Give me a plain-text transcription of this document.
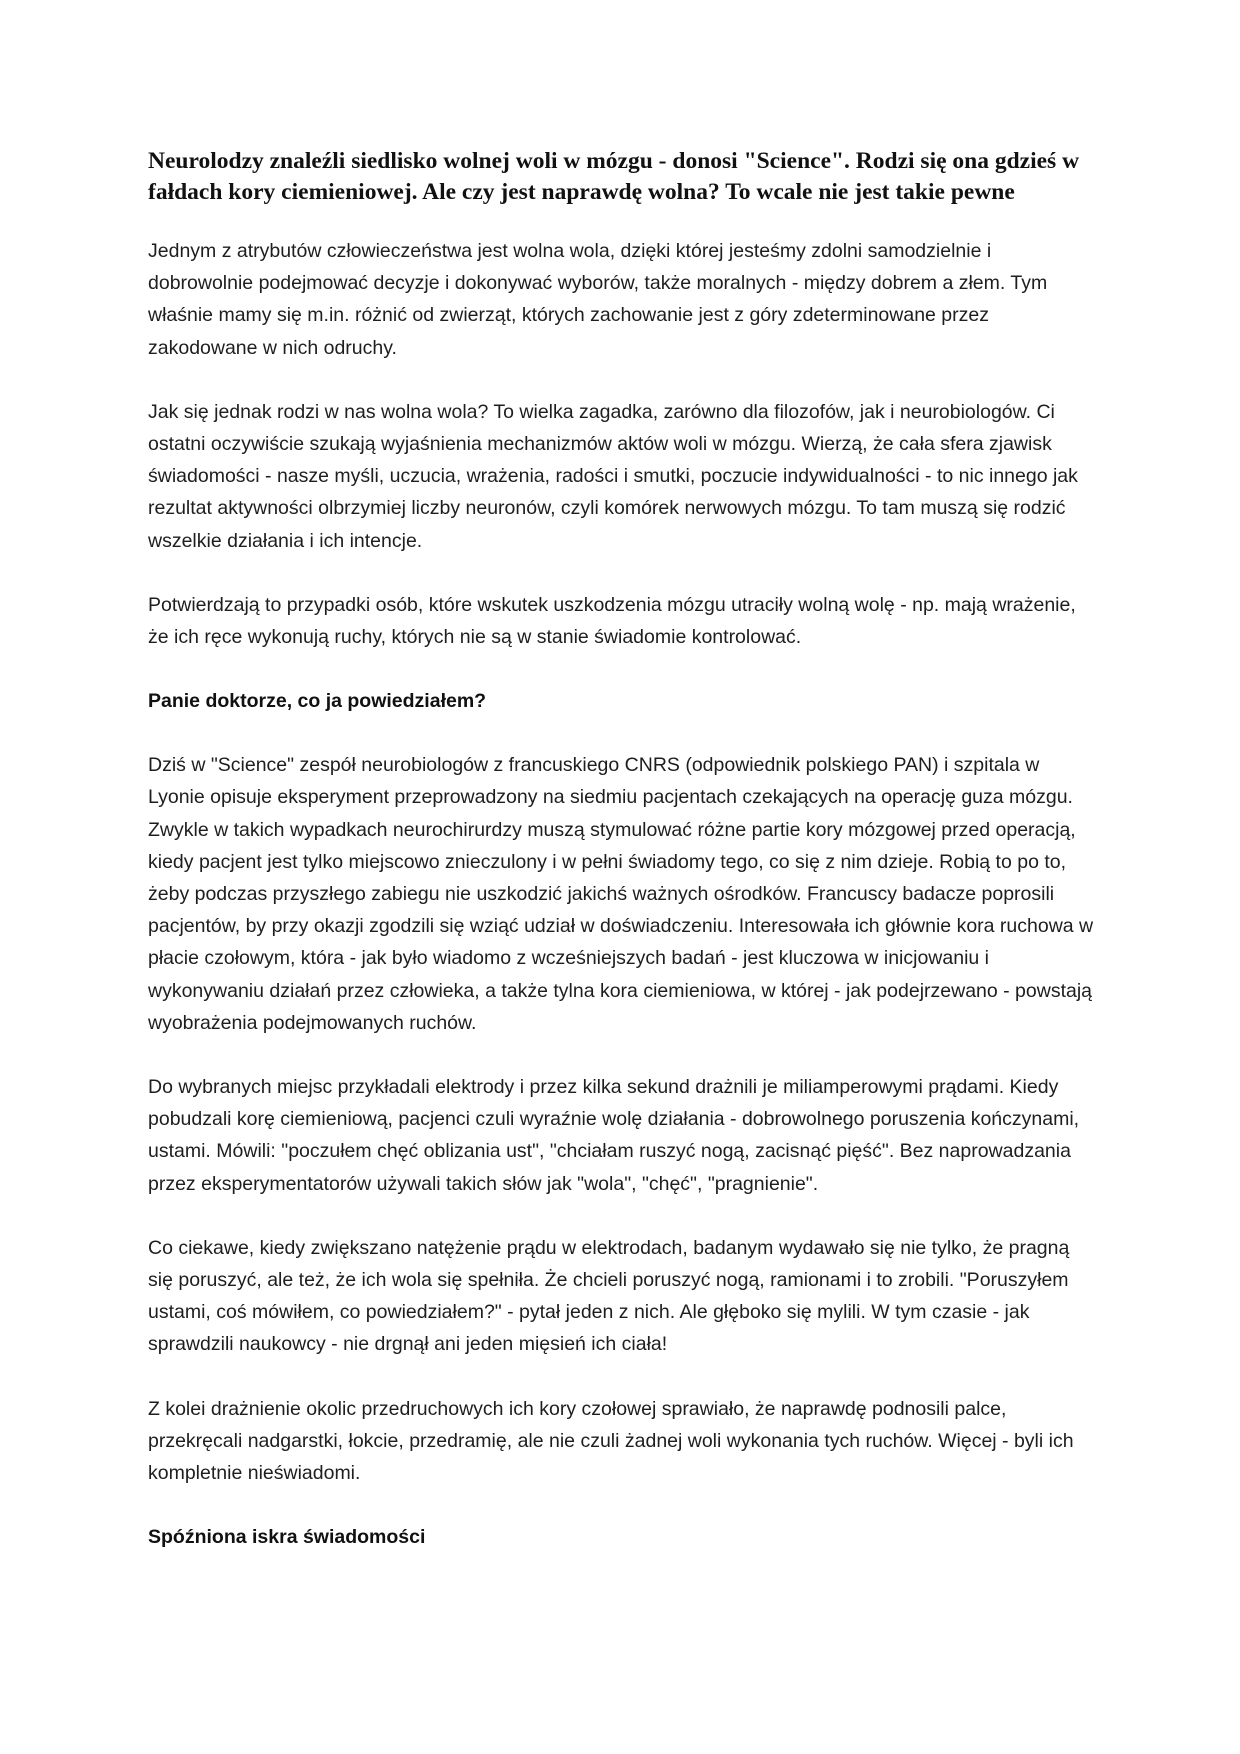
Neurolodzy znaleźli siedlisko wolnej woli w mózgu - donosi "Science". Rodzi się ona gdzieś w fałdach kory ciemieniowej. Ale czy jest naprawdę wolna? To wcale nie jest takie pewne

Jednym z atrybutów człowieczeństwa jest wolna wola, dzięki której jesteśmy zdolni samodzielnie i dobrowolnie podejmować decyzje i dokonywać wyborów, także moralnych - między dobrem a złem. Tym właśnie mamy się m.in. różnić od zwierząt, których zachowanie jest z góry zdeterminowane przez zakodowane w nich odruchy.

Jak się jednak rodzi w nas wolna wola? To wielka zagadka, zarówno dla filozofów, jak i neurobiologów. Ci ostatni oczywiście szukają wyjaśnienia mechanizmów aktów woli w mózgu. Wierzą, że cała sfera zjawisk świadomości - nasze myśli, uczucia, wrażenia, radości i smutki, poczucie indywidualności - to nic innego jak rezultat aktywności olbrzymiej liczby neuronów, czyli komórek nerwowych mózgu. To tam muszą się rodzić wszelkie działania i ich intencje.

Potwierdzają to przypadki osób, które wskutek uszkodzenia mózgu utraciły wolną wolę - np. mają wrażenie, że ich ręce wykonują ruchy, których nie są w stanie świadomie kontrolować.

Panie doktorze, co ja powiedziałem?

Dziś w "Science" zespół neurobiologów z francuskiego CNRS (odpowiednik polskiego PAN) i szpitala w Lyonie opisuje eksperyment przeprowadzony na siedmiu pacjentach czekających na operację guza mózgu. Zwykle w takich wypadkach neurochirurdzy muszą stymulować różne partie kory mózgowej przed operacją, kiedy pacjent jest tylko miejscowo znieczulony i w pełni świadomy tego, co się z nim dzieje. Robią to po to, żeby podczas przyszłego zabiegu nie uszkodzić jakichś ważnych ośrodków. Francuscy badacze poprosili pacjentów, by przy okazji zgodzili się wziąć udział w doświadczeniu. Interesowała ich głównie kora ruchowa w płacie czołowym, która - jak było wiadomo z wcześniejszych badań - jest kluczowa w inicjowaniu i wykonywaniu działań przez człowieka, a także tylna kora ciemieniowa, w której - jak podejrzewano - powstają wyobrażenia podejmowanych ruchów.

Do wybranych miejsc przykładali elektrody i przez kilka sekund drażnili je miliamperowymi prądami. Kiedy pobudzali korę ciemieniową, pacjenci czuli wyraźnie wolę działania - dobrowolnego poruszenia kończynami, ustami. Mówili: "poczułem chęć oblizania ust", "chciałam ruszyć nogą, zacisnąć pięść". Bez naprowadzania przez eksperymentatorów używali takich słów jak "wola", "chęć", "pragnienie".

Co ciekawe, kiedy zwiększano natężenie prądu w elektrodach, badanym wydawało się nie tylko, że pragną się poruszyć, ale też, że ich wola się spełniła. Że chcieli poruszyć nogą, ramionami i to zrobili. "Poruszyłem ustami, coś mówiłem, co powiedziałem?" - pytał jeden z nich. Ale głęboko się mylili. W tym czasie - jak sprawdzili naukowcy - nie drgnął ani jeden mięsień ich ciała!

Z kolei drażnienie okolic przedruchowych ich kory czołowej sprawiało, że naprawdę podnosili palce, przekręcali nadgarstki, łokcie, przedramię, ale nie czuli żadnej woli wykonania tych ruchów. Więcej - byli ich kompletnie nieświadomi.

Spóźniona iskra świadomości
